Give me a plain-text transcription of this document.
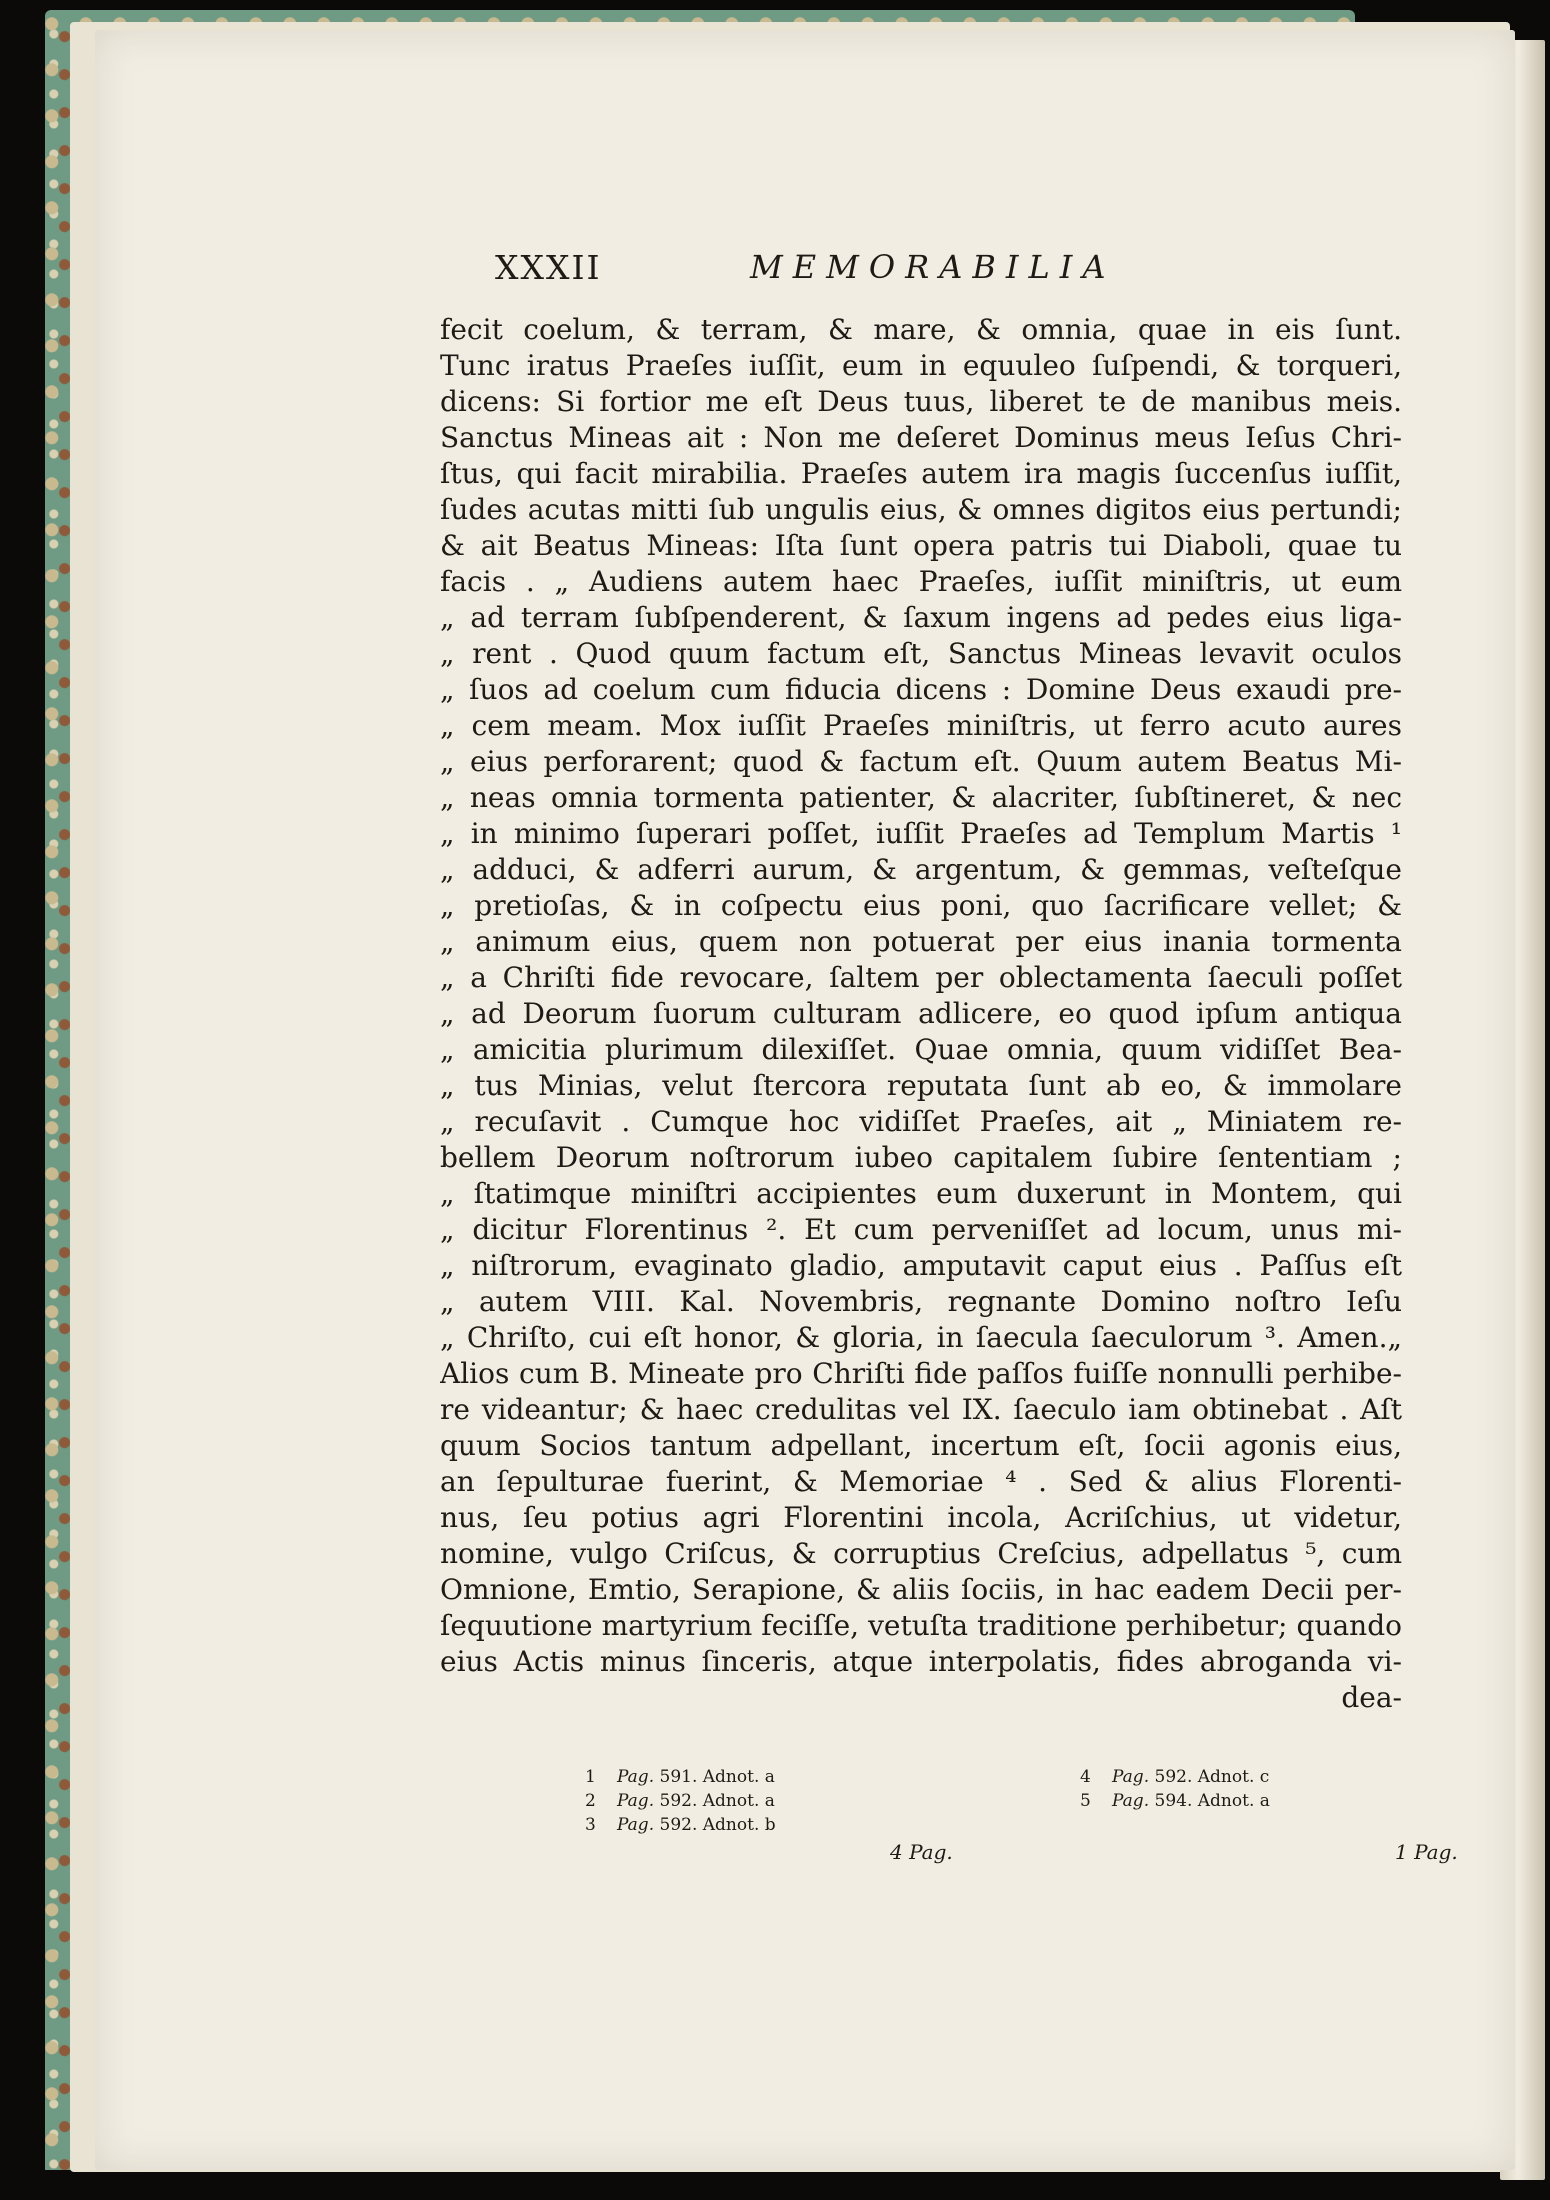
XXXII	MEMORABILIA
fecit coelum, & terram, & mare, & omnia, quae in eis ſunt.
Tunc iratus Praeſes iuſſit, eum in equuleo ſuſpendi, & torqueri,
dicens: Si fortior me eſt Deus tuus, liberet te de manibus meis.
Sanctus Mineas ait : Non me deſeret Dominus meus Ieſus Chri-
ſtus, qui facit mirabilia. Praeſes autem ira magis ſuccenſus iuſſit,
ſudes acutas mitti ſub ungulis eius, & omnes digitos eius pertundi;
& ait Beatus Mineas: Iſta ſunt opera patris tui Diaboli, quae tu
facis . „ Audiens autem haec Praeſes, iuſſit miniſtris, ut eum
„ ad terram ſubſpenderent, & ſaxum ingens ad pedes eius liga-
„ rent . Quod quum factum eſt, Sanctus Mineas levavit oculos
„ ſuos ad coelum cum fiducia dicens : Domine Deus exaudi pre-
„ cem meam. Mox iuſſit Praeſes miniſtris, ut ferro acuto aures
„ eius perforarent; quod & factum eſt. Quum autem Beatus Mi-
„ neas omnia tormenta patienter, & alacriter, ſubſtineret, & nec
„ in minimo ſuperari poſſet, iuſſit Praeſes ad Templum Martis ¹
„ adduci, & adferri aurum, & argentum, & gemmas, veſteſque
„ pretioſas, & in coſpectu eius poni, quo ſacrificare vellet; &
„ animum eius, quem non potuerat per eius inania tormenta
„ a Chriſti fide revocare, ſaltem per oblectamenta ſaeculi poſſet
„ ad Deorum ſuorum culturam adlicere, eo quod ipſum antiqua
„ amicitia plurimum dilexiſſet. Quae omnia, quum vidiſſet Bea-
„ tus Minias, velut ſtercora reputata ſunt ab eo, & immolare
„ recuſavit . Cumque hoc vidiſſet Praeſes, ait „ Miniatem re-
bellem Deorum noſtrorum iubeo capitalem ſubire ſententiam ;
„ ſtatimque miniſtri accipientes eum duxerunt in Montem, qui
„ dicitur Florentinus ². Et cum perveniſſet ad locum, unus mi-
„ niſtrorum, evaginato gladio, amputavit caput eius . Paſſus eſt
„ autem VIII. Kal. Novembris, regnante Domino noſtro Ieſu
„ Chriſto, cui eſt honor, & gloria, in ſaecula ſaeculorum ³. Amen.„
Alios cum B. Mineate pro Chriſti fide paſſos fuiſſe nonnulli perhibe-
re videantur; & haec credulitas vel IX. ſaeculo iam obtinebat . Aſt
quum Socios tantum adpellant, incertum eſt, ſocii agonis eius,
an ſepulturae fuerint, & Memoriae ⁴ . Sed & alius Florenti-
nus, ſeu potius agri Florentini incola, Acriſchius, ut videtur,
nomine, vulgo Criſcus, & corruptius Creſcius, adpellatus ⁵, cum
Omnione, Emtio, Serapione, & aliis ſociis, in hac eadem Decii per-
ſequutione martyrium feciſſe, vetuſta traditione perhibetur; quando
eius Actis minus ſinceris, atque interpolatis, fides abroganda vi-
dea-
1 Pag. 591. Adnot. a
2 Pag. 592. Adnot. a
3 Pag. 592. Adnot. b
4 Pag. 592. Adnot. c
5 Pag. 594. Adnot. a
4 Pag.	1 Pag.
